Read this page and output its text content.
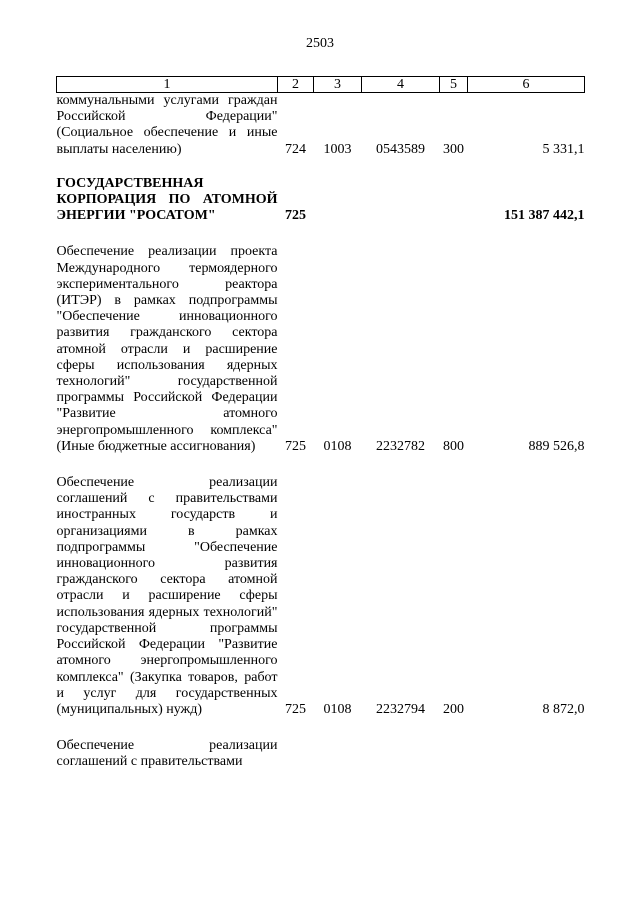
2503
1	2	3	4	5	6
коммунальными услугами граждан Российской Федерации" (Социальное обеспечение и иные выплаты населению)	724	1003	0543589	300	5 331,1
ГОСУДАРСТВЕННАЯ КОРПОРАЦИЯ ПО АТОМНОЙ ЭНЕРГИИ "РОСАТОМ"	725				151 387 442,1
Обеспечение реализации проекта Международного термоядерного экспериментального реактора (ИТЭР) в рамках подпрограммы "Обеспечение инновационного развития гражданского сектора атомной отрасли и расширение сферы использования ядерных технологий" государственной программы Российской Федерации "Развитие атомного энергопромышленного комплекса" (Иные бюджетные ассигнования)	725	0108	2232782	800	889 526,8
Обеспечение реализации соглашений с правительствами иностранных государств и организациями в рамках подпрограммы "Обеспечение инновационного развития гражданского сектора атомной отрасли и расширение сферы использования ядерных технологий" государственной программы Российской Федерации "Развитие атомного энергопромышленного комплекса" (Закупка товаров, работ и услуг для государственных (муниципальных) нужд)	725	0108	2232794	200	8 872,0
Обеспечение реализации соглашений с правительствами					
